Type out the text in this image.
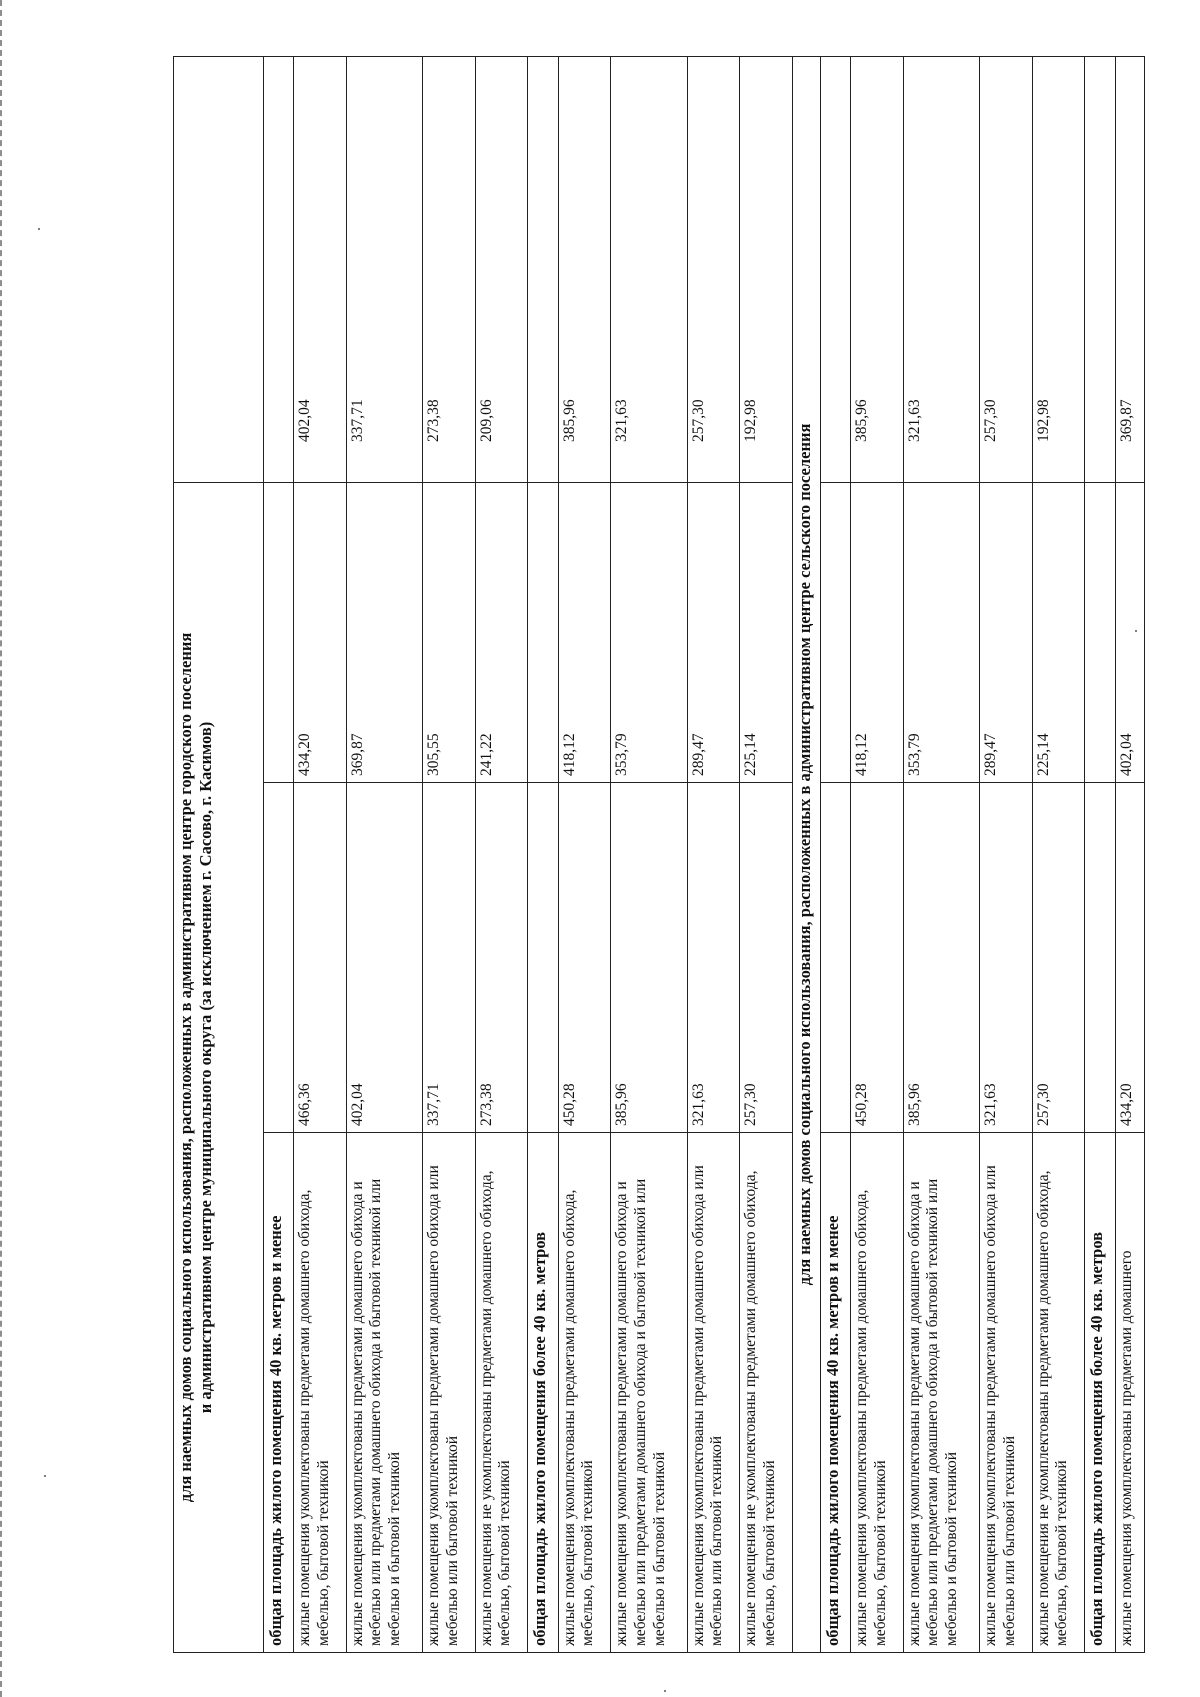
для наемных домов социального использования, расположенных в административном центре городского поселения и административном центре муниципального округа (за исключением г. Сасово, г. Касимов)			

общая площадь жилого помещения 40 кв. метров и менее			
жилые помещения укомплектованы предметами домашнего обихода, мебелью, бытовой техникой	466,36	434,20	402,04
жилые помещения укомплектованы предметами домашнего обихода и мебелью или предметами домашнего обихода и бытовой техникой или мебелью и бытовой техникой	402,04	369,87	337,71
жилые помещения укомплектованы предметами домашнего обихода или мебелью или бытовой техникой	337,71	305,55	273,38
жилые помещения не укомплектованы предметами домашнего обихода, мебелью, бытовой техникой	273,38	241,22	209,06
общая площадь жилого помещения более 40 кв. метров			
жилые помещения укомплектованы предметами домашнего обихода, мебелью, бытовой техникой	450,28	418,12	385,96
жилые помещения укомплектованы предметами домашнего обихода и мебелью или предметами домашнего обихода и бытовой техникой или мебелью и бытовой техникой	385,96	353,79	321,63
жилые помещения укомплектованы предметами домашнего обихода или мебелью или бытовой техникой	321,63	289,47	257,30
жилые помещения не укомплектованы предметами домашнего обихода, мебелью, бытовой техникой	257,30	225,14	192,98
для наемных домов социального использования, расположенных в административном центре сельского поселения			
общая площадь жилого помещения 40 кв. метров и менее			
жилые помещения укомплектованы предметами домашнего обихода, мебелью, бытовой техникой	450,28	418,12	385,96
жилые помещения укомплектованы предметами домашнего обихода и мебелью или предметами домашнего обихода и бытовой техникой или мебелью и бытовой техникой	385,96	353,79	321,63
жилые помещения укомплектованы предметами домашнего обихода или мебелью или бытовой техникой	321,63	289,47	257,30
жилые помещения не укомплектованы предметами домашнего обихода, мебелью, бытовой техникой	257,30	225,14	192,98
общая площадь жилого помещения более 40 кв. метров			
жилые помещения укомплектованы предметами домашнего	434,20	402,04	369,87
